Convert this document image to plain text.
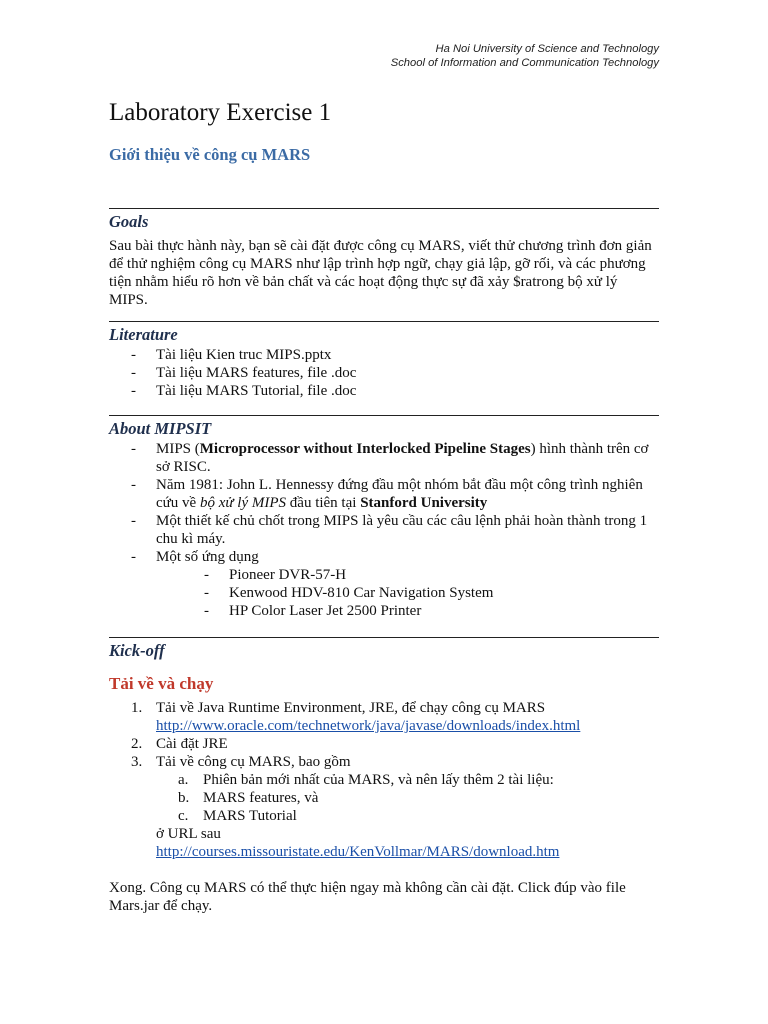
Ha Noi University of Science and Technology
School of Information and Communication Technology
Laboratory Exercise 1
Giới thiệu về công cụ MARS
Goals

Sau bài thực hành này, bạn sẽ cài đặt được công cụ MARS, viết thử chương trình đơn giản để thử nghiệm công cụ MARS như lập trình hợp ngữ, chạy giả lập, gỡ rối, và các phương tiện nhằm hiểu rõ hơn về bản chất và các hoạt động thực sự đã xảy $ratrong bộ xử lý MIPS.

Literature
- Tài liệu Kien truc MIPS.pptx
- Tài liệu MARS features, file .doc
- Tài liệu MARS Tutorial, file .doc
About MIPSIT
- MIPS (Microprocessor without Interlocked Pipeline Stages) hình thành trên cơ sở RISC.
- Năm 1981: John L. Hennessy đứng đầu một nhóm bắt đầu một công trình nghiên cứu về bộ xử lý MIPS đầu tiên tại Stanford University
- Một thiết kế chủ chốt trong MIPS là yêu cầu các câu lệnh phải hoàn thành trong 1 chu kì máy.
- Một số ứng dụng
- Pioneer DVR-57-H
- Kenwood HDV-810 Car Navigation System
- HP Color Laser Jet 2500 Printer
Kick-off
Tải về và chạy
1. Tải về Java Runtime Environment, JRE, để chạy công cụ MARS
http://www.oracle.com/technetwork/java/javase/downloads/index.html
2. Cài đặt JRE
3. Tải về công cụ MARS, bao gồm
a. Phiên bản mới nhất của MARS, và nên lấy thêm 2 tài liệu:
b. MARS features, và
c. MARS Tutorial
ở URL sau
http://courses.missouristate.edu/KenVollmar/MARS/download.htm

Xong. Công cụ MARS có thể thực hiện ngay mà không cần cài đặt. Click đúp vào file Mars.jar để chạy.
